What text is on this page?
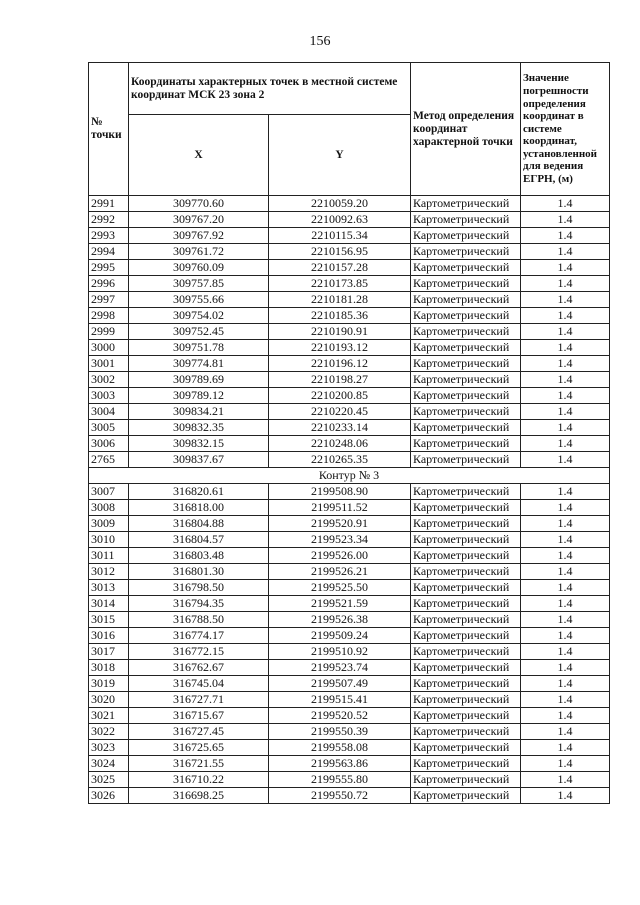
156
№ точки	Координаты характерных точек в местной системе координат МСК 23 зона 2		Метод определения координат характерной точки	Значение погрешности определения координат в системе координат, установленной для ведения ЕГРН, (м)
	X	Y		
2991	309770.60	2210059.20	Картометрический	1.4
2992	309767.20	2210092.63	Картометрический	1.4
2993	309767.92	2210115.34	Картометрический	1.4
2994	309761.72	2210156.95	Картометрический	1.4
2995	309760.09	2210157.28	Картометрический	1.4
2996	309757.85	2210173.85	Картометрический	1.4
2997	309755.66	2210181.28	Картометрический	1.4
2998	309754.02	2210185.36	Картометрический	1.4
2999	309752.45	2210190.91	Картометрический	1.4
3000	309751.78	2210193.12	Картометрический	1.4
3001	309774.81	2210196.12	Картометрический	1.4
3002	309789.69	2210198.27	Картометрический	1.4
3003	309789.12	2210200.85	Картометрический	1.4
3004	309834.21	2210220.45	Картометрический	1.4
3005	309832.35	2210233.14	Картометрический	1.4
3006	309832.15	2210248.06	Картометрический	1.4
2765	309837.67	2210265.35	Картометрический	1.4
Контур № 3				
3007	316820.61	2199508.90	Картометрический	1.4
3008	316818.00	2199511.52	Картометрический	1.4
3009	316804.88	2199520.91	Картометрический	1.4
3010	316804.57	2199523.34	Картометрический	1.4
3011	316803.48	2199526.00	Картометрический	1.4
3012	316801.30	2199526.21	Картометрический	1.4
3013	316798.50	2199525.50	Картометрический	1.4
3014	316794.35	2199521.59	Картометрический	1.4
3015	316788.50	2199526.38	Картометрический	1.4
3016	316774.17	2199509.24	Картометрический	1.4
3017	316772.15	2199510.92	Картометрический	1.4
3018	316762.67	2199523.74	Картометрический	1.4
3019	316745.04	2199507.49	Картометрический	1.4
3020	316727.71	2199515.41	Картометрический	1.4
3021	316715.67	2199520.52	Картометрический	1.4
3022	316727.45	2199550.39	Картометрический	1.4
3023	316725.65	2199558.08	Картометрический	1.4
3024	316721.55	2199563.86	Картометрический	1.4
3025	316710.22	2199555.80	Картометрический	1.4
3026	316698.25	2199550.72	Картометрический	1.4
